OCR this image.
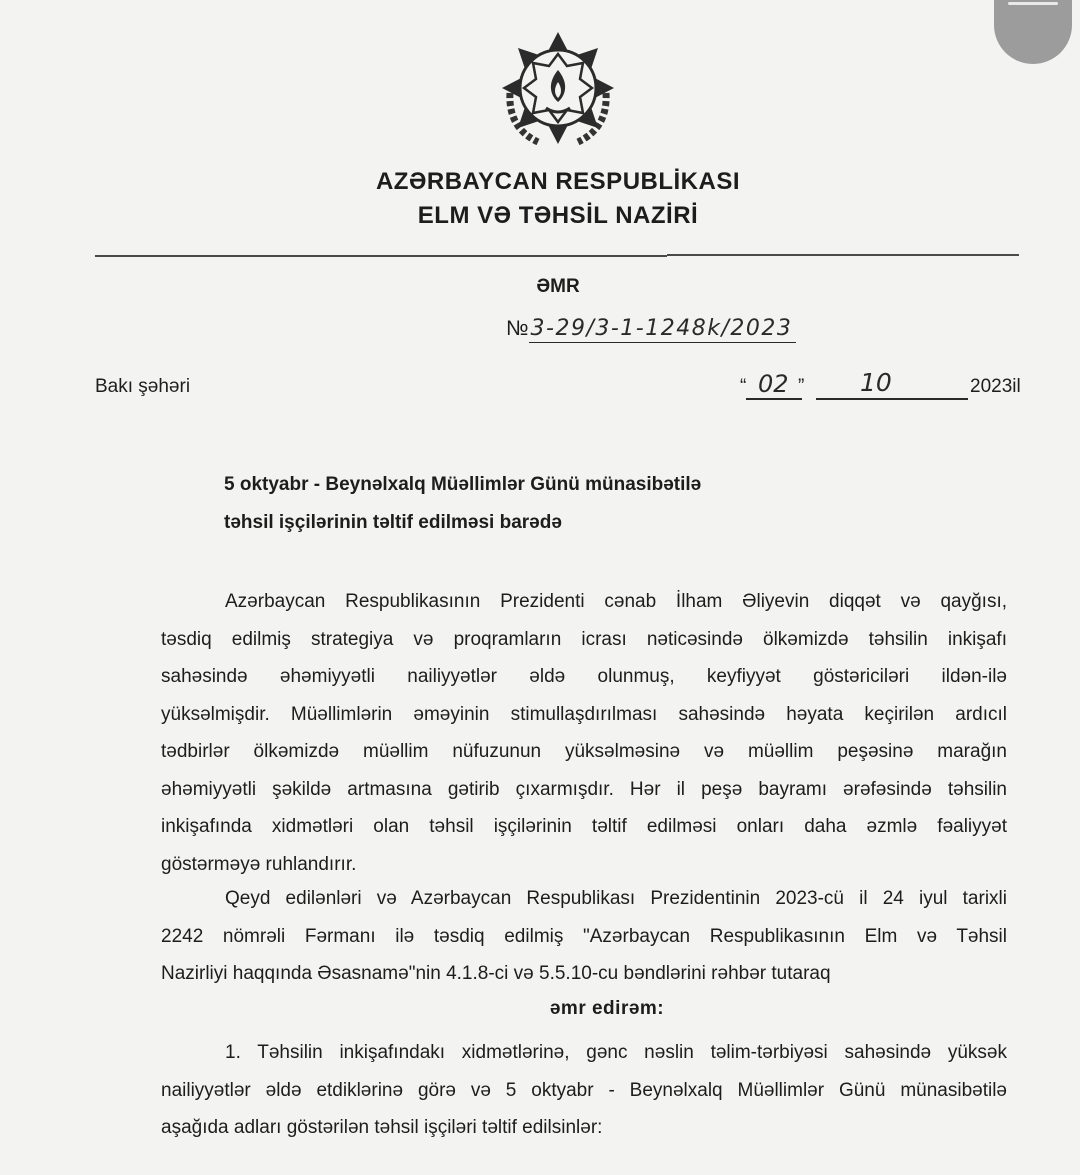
AZƏRBAYCAN RESPUBLİKASI
ELM VƏ TƏHSİL NAZİRİ
ƏMR
№3-29/3-1-1248k/2023
Bakı şəhəri	“ 02 ” 10	2023il
5 oktyabr - Beynəlxalq Müəllimlər Günü münasibətilə
təhsil işçilərinin təltif edilməsi barədə
Azərbaycan Respublikasının Prezidenti cənab İlham Əliyevin diqqət və qayğısı,
təsdiq edilmiş strategiya və proqramların icrası nəticəsində ölkəmizdə təhsilin inkişafı
sahəsində əhəmiyyətli nailiyyətlər əldə olunmuş, keyfiyyət göstəriciləri ildən-ilə
yüksəlmişdir. Müəllimlərin əməyinin stimullaşdırılması sahəsində həyata keçirilən ardıcıl
tədbirlər ölkəmizdə müəllim nüfuzunun yüksəlməsinə və müəllim peşəsinə marağın
əhəmiyyətli şəkildə artmasına gətirib çıxarmışdır. Hər il peşə bayramı ərəfəsində təhsilin
inkişafında xidmətləri olan təhsil işçilərinin təltif edilməsi onları daha əzmlə fəaliyyət
göstərməyə ruhlandırır.
Qeyd edilənləri və Azərbaycan Respublikası Prezidentinin 2023-cü il 24 iyul tarixli
2242 nömrəli Fərmanı ilə təsdiq edilmiş "Azərbaycan Respublikasının Elm və Təhsil
Nazirliyi haqqında Əsasnamə"nin 4.1.8-ci və 5.5.10-cu bəndlərini rəhbər tutaraq
əmr edirəm:
1. Təhsilin inkişafındakı xidmətlərinə, gənc nəslin təlim-tərbiyəsi sahəsində yüksək
nailiyyətlər əldə etdiklərinə görə və 5 oktyabr - Beynəlxalq Müəllimlər Günü münasibətilə
aşağıda adları göstərilən təhsil işçiləri təltif edilsinlər:
